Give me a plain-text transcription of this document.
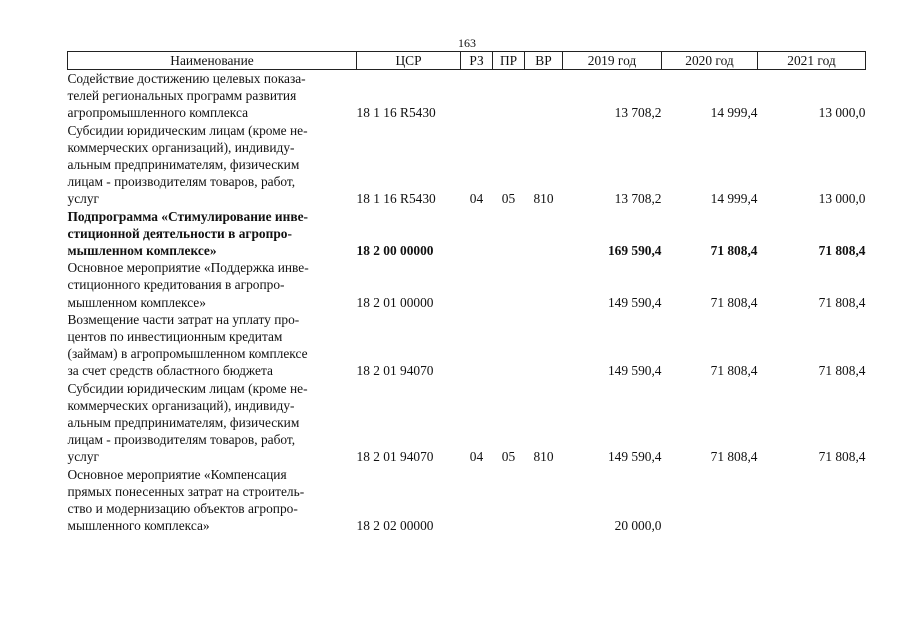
163
Наименование	ЦСР	РЗ	ПР	ВР	2019 год	2020 год	2021 год

Содействие достижению целевых показа-
телей региональных программ развития
агропромышленного комплекса	18 1 16 R5430				13 708,2	14 999,4	13 000,0

Субсидии юридическим лицам (кроме не-
коммерческих организаций), индивиду-
альным предпринимателям, физическим
лицам - производителям товаров, работ,
услуг	18 1 16 R5430	04	05	810	13 708,2	14 999,4	13 000,0

Подпрограмма «Стимулирование инве-
стиционной деятельности в агропро-
мышленном комплексе»	18 2 00 00000				169 590,4	71 808,4	71 808,4

Основное мероприятие «Поддержка инве-
стиционного кредитования в агропро-
мышленном комплексе»	18 2 01 00000				149 590,4	71 808,4	71 808,4

Возмещение части затрат на уплату про-
центов по инвестиционным кредитам
(займам) в агропромышленном комплексе
за счет средств областного бюджета	18 2 01 94070				149 590,4	71 808,4	71 808,4

Субсидии юридическим лицам (кроме не-
коммерческих организаций), индивиду-
альным предпринимателям, физическим
лицам - производителям товаров, работ,
услуг	18 2 01 94070	04	05	810	149 590,4	71 808,4	71 808,4

Основное мероприятие «Компенсация
прямых понесенных затрат на строитель-
ство и модернизацию объектов агропро-
мышленного комплекса»	18 2 02 00000				20 000,0		
